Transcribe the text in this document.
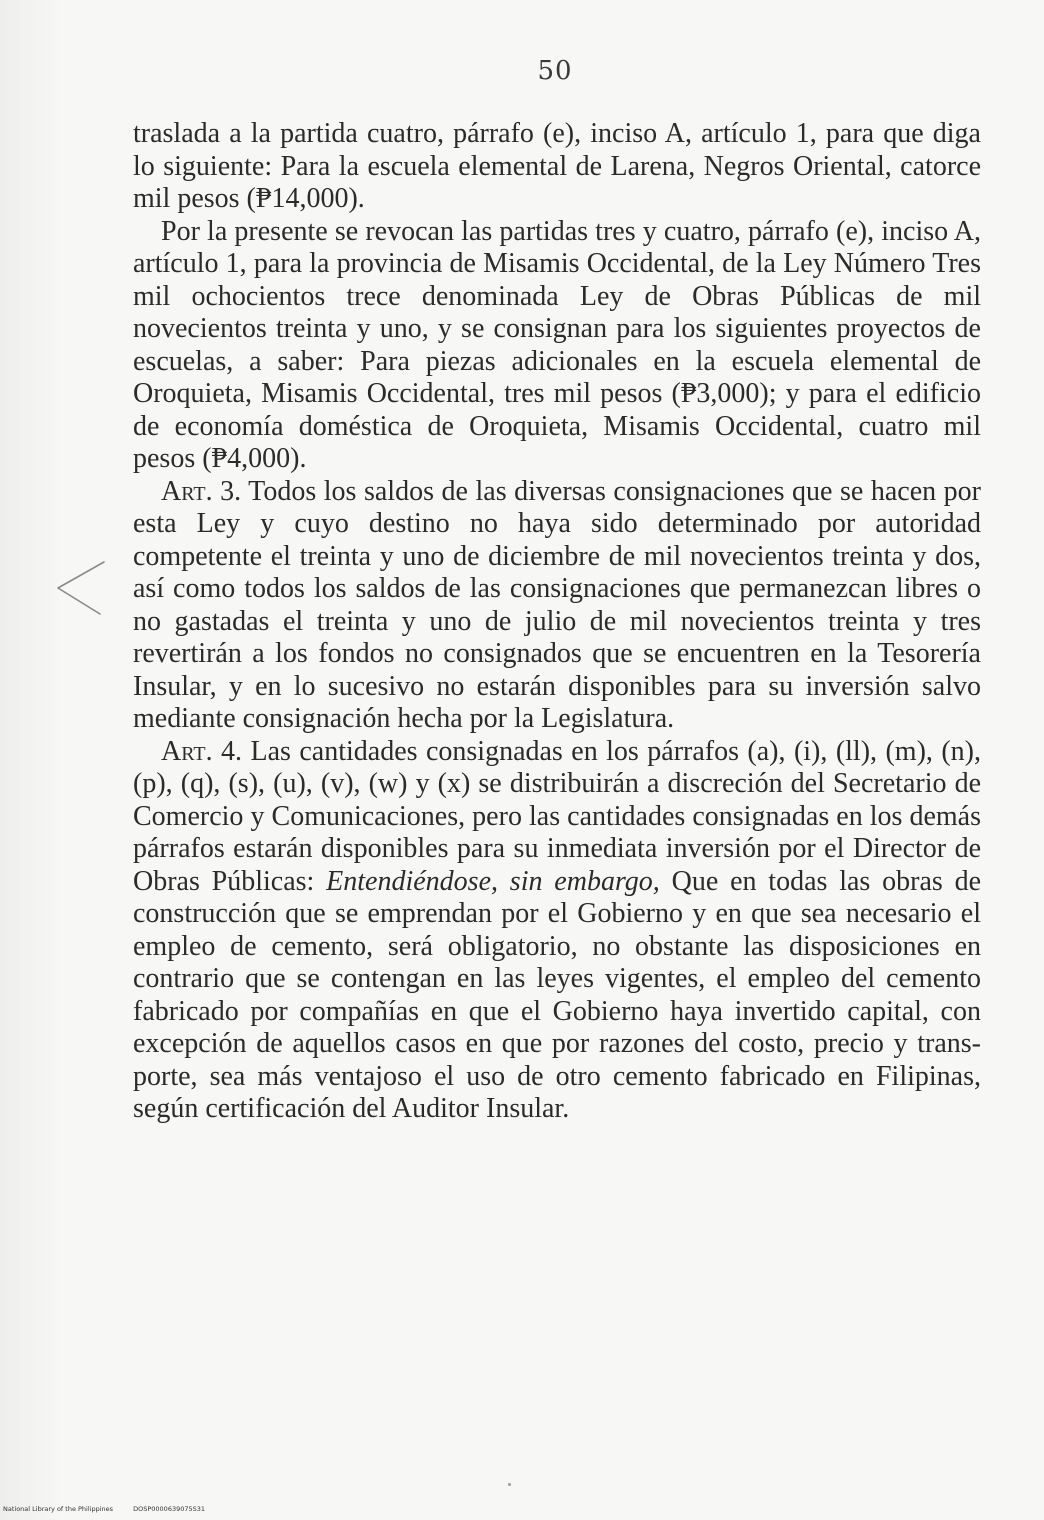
50

traslada a la partida cuatro, párrafo (e), inciso A, artículo 1, para que diga lo siguiente: Para la escuela elemental de Larena, Negros Oriental, catorce mil pesos (₱14,000).

Por la presente se revocan las partidas tres y cuatro, párrafo (e), inciso A, artículo 1, para la provincia de Misamis Occidental, de la Ley Número Tres mil ochocientos trece denominada Ley de Obras Públicas de mil novecientos treinta y uno, y se consignan para los siguientes proyectos de escuelas, a saber: Para piezas adicionales en la escuela elemental de Oroquieta, Misamis Occidental, tres mil pesos (₱3,000); y para el edificio de economía doméstica de Oroquieta, Misamis Occidental, cuatro mil pesos (₱4,000).

Art. 3. Todos los saldos de las diversas consignaciones que se hacen por esta Ley y cuyo destino no haya sido determinado por autoridad competente el treinta y uno de diciembre de mil novecientos treinta y dos, así como todos los saldos de las consignaciones que permanezcan libres o no gastadas el treinta y uno de julio de mil novecientos treinta y tres revertirán a los fondos no consignados que se encuentren en la Tesorería Insular, y en lo sucesivo no estarán disponibles para su inversión salvo mediante consignación hecha por la Legislatura.

Art. 4. Las cantidades consignadas en los párrafos (a), (i), (ll), (m), (n), (p), (q), (s), (u), (v), (w) y (x) se distribuirán a discreción del Secretario de Comercio y Comunicaciones, pero las cantidades consignadas en los demás párrafos estarán disponibles para su inmediata inversión por el Director de Obras Públicas: Entendiéndose, sin embargo, Que en todas las obras de construcción que se emprendan por el Gobierno y en que sea necesario el empleo de cemento, será obligatorio, no obstante las disposiciones en contrario que se contengan en las leyes vigentes, el empleo del cemento fabricado por compañías en que el Gobierno haya invertido capital, con excepción de aquellos casos en que por razones del costo, precio y transporte, sea más ventajoso el uso de otro cemento fabricado en Filipinas, según certificación del Auditor Insular.

National Library of the Philippines	DOSP0000639075S31
